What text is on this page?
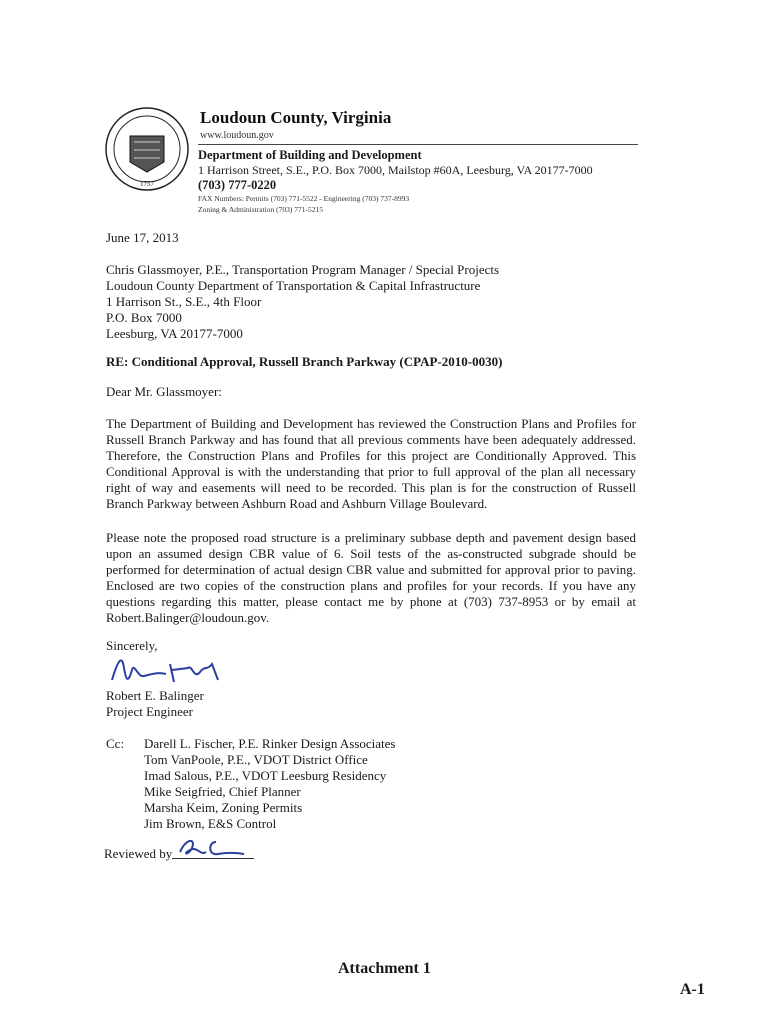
1757
Loudoun County, Virginia
www.loudoun.gov
Department of Building and Development
1 Harrison Street, S.E., P.O. Box 7000, Mailstop #60A, Leesburg, VA 20177-7000
(703) 777-0220
FAX Numbers: Permits (703) 771-5522 - Engineering (703) 737-8993
Zoning & Administration (703) 771-5215
June 17, 2013
Chris Glassmoyer, P.E., Transportation Program Manager / Special Projects
Loudoun County Department of Transportation & Capital Infrastructure
1 Harrison St., S.E., 4th Floor
P.O. Box 7000
Leesburg, VA 20177-7000
RE: Conditional Approval, Russell Branch Parkway (CPAP-2010-0030)
Dear Mr. Glassmoyer:
The Department of Building and Development has reviewed the Construction Plans and Profiles for Russell Branch Parkway and has found that all previous comments have been adequately addressed. Therefore, the Construction Plans and Profiles for this project are Conditionally Approved. This Conditional Approval is with the understanding that prior to full approval of the plan all necessary right of way and easements will need to be recorded. This plan is for the construction of Russell Branch Parkway between Ashburn Road and Ashburn Village Boulevard.
Please note the proposed road structure is a preliminary subbase depth and pavement design based upon an assumed design CBR value of 6. Soil tests of the as-constructed subgrade should be performed for determination of actual design CBR value and submitted for approval prior to paving. Enclosed are two copies of the construction plans and profiles for your records. If you have any questions regarding this matter, please contact me by phone at (703) 737-8953 or by email at Robert.Balinger@loudoun.gov.
Sincerely,
Robert E. Balinger
Project Engineer
Cc: Darell L. Fischer, P.E. Rinker Design Associates
Tom VanPoole, P.E., VDOT District Office
Imad Salous, P.E., VDOT Leesburg Residency
Mike Seigfried, Chief Planner
Marsha Keim, Zoning Permits
Jim Brown, E&S Control
Reviewed by
Attachment 1
A-1
